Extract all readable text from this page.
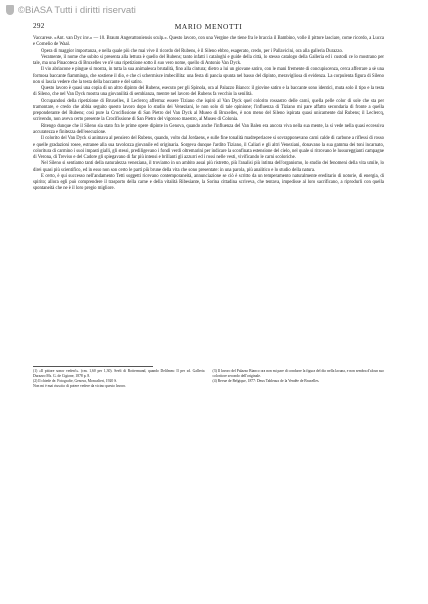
©BiASA Tutti i diritti riservati
292	MARIO MENOTTI

Vaccarese. «Ant. van Dyc inv.» — 10. Braum Angerattoniensis sculp.». Questo lavoro, con una Vergine che tiene fra le braccia il Bambino, volle il pittore lasciare, come ricordo, a Lucca e Cornelio de Waal.

Opera di maggior importanza, e nella quale più che mai vive il ricordo del Rubens, è il Sileno ebbro, esagerato, credo, per i Pallavicini, ora alla galleria Durazzo.

Veramente, il nome che subito si presenta alla lettura è quello del Rubens; tanto infatti i cataloghi e guide della città, lo stesso catalogo della Galleria ed i custodi ce lo mostrano per tale, ma una Pinacoteca di Bruxelles ve n'è una ripetizione sotto il suo vero nome, quello di Antonio Van Dyck.

Il vio abriacone e pingue si mostra, in tutta la sua animalesca brutalità, fino alla cintura; dietro a lui un giovane satiro, con le mani fremente di concupiscenza, cerca afferrare a sè una formosa baccante fiamminga, che sostiene il dio, e che ci schermisce imbecillita: una festa di pancia spunta nel basso del dipinto, meravigliosa di evidenza. La corpulenta figura di Sileno non si lascia vedere che la testa della baccante e del satiro.

Questo lavoro è quasi una copia di un altro dipinto del Rubens, esecuto per gli Spinola, ora al Palazzo Bianco: il giovine satiro e la baccante sono identici, muta solo il tipo e la testa di Sileno, che nel Van Dyck mostra una giovanilità di sembianza, mentre nel lavoro del Rubens fa vecchio la senilità.

Occupandosi della ripetizione di Bruxelles, il Leclercq afferma: essere Tiziano che ispirò al Van Dyck quel colorito rossastro delle carni, quella pelle color di sole che sta per tramontare, e credo che abbia seguito questo lavoro dopo lo studio dei Veneziani, le non solo di tale opinione; l'influenza di Tiziano mi pare affatto secondaria di fronte a quella preponderante del Rubens; così pure la Crocifissione di San Pietro del Van Dyck al Museo di Bruxelles, è non meno del Sileno ispirata quasi unicamente dal Rubens; il Leclercq, scrivendo, non aveva certo presente la Crocifissione di San Pietro del vigoroso maestro, al Museo di Colonia.

Ritengo dunque che il Sileno sia stato fra le prime opere dipinte in Genova, quando anche l'influenza del Van Balen era ancora viva nella sua mente, la si vede nella quasi eccessiva accuratezza e finitezza dell'esecuzione.

Il colorito del Van Dyck si animava al pensiero del Rubens, quando, volto dal Jordaens, e sulle fine tonalità madreperlacee si sovrapponevano carni calde di carbone a riflessi di rosso e quelle gradazioni rosee, estranee alla sua tavolozza giovanile ed originaria. Sorgeva dunque l'ardito Tiziano, il Caliari e gli altri Veneziani, donavano la sua gamma dei toni incarnato, coloritura di carmino i suoi impasti gialli, gli stessi, prediligevano i fondi verdi oltremarini per indicare la sconfinata estensione del cielo, nel quale si ritrovano le lussureggianti campagne di Verona, di Treviso e del Cadore gli spiegavano di far più intensi e brillanti gli azzurri ed i rossi nelle vesti, vivificando le carni scoloriche.

Nel Sileno si sentiamo tanti della naturalezza veneziana, il troviamo in un ambito assai più ristretto, più l'analisi più intima dell'organismo, lo studio dei fenomeni della vita umile, lo direi quasi più scientifico, ed in esso non son certo le parti più brune della vita che sono presentate: in una parola, più analitico e lo studio della natura.

E certo, è qui successo nell'andamento Tetti soggetti ricevano contemporaneità, annunciazione se ciò è scritto da un temperamento naturalmente ereditario di notorie, di energia, di spirito; allora egli può comprendere il trasporto della carne e della vitalità Ribesiante, la Sorina cittadina scriveva, che tentava, impedisse al loro sacrificano, a riprodurli con quella spontaneità che ne è il loro pregio migliore.

(1) «Il pittore sonor veden't». (cm. 1,60 per 1,30). Seeli di Rottermund, quando Delilmm: Il per sd. Galleria Durazzo Ms. G. de Cigione, 1878 p. 8.

(2) Il chiede de. Fotografie, Genova, Moncalieri, 1920 S.

Non mi è mai riuscito di potere vedere da vicino questo lavoro.

(3) Il lavoro del Palazzo Bianco ora non mi pare di condurre la figura del dio nella lacuna, e non sembra d'alcun suo coloritore secondo dell'originale.

(4) Revue de Belgique, 1877: Deux Tableaux de la Vendée de Bruxelles.
